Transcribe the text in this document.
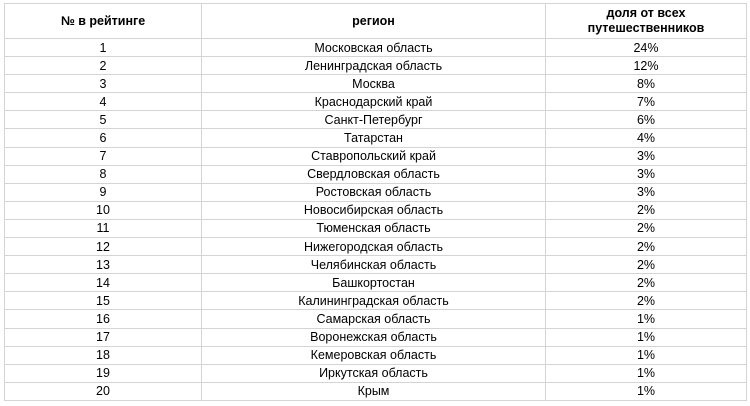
№ в рейтинге	регион	доля от всех
путешественников
1	Московская область	24%
2	Ленинградская область	12%
3	Москва	8%
4	Краснодарский край	7%
5	Санкт-Петербург	6%
6	Татарстан	4%
7	Ставропольский край	3%
8	Свердловская область	3%
9	Ростовская область	3%
10	Новосибирская область	2%
11	Тюменская область	2%
12	Нижегородская область	2%
13	Челябинская область	2%
14	Башкортостан	2%
15	Калининградская область	2%
16	Самарская область	1%
17	Воронежская область	1%
18	Кемеровская область	1%
19	Иркутская область	1%
20	Крым	1%
